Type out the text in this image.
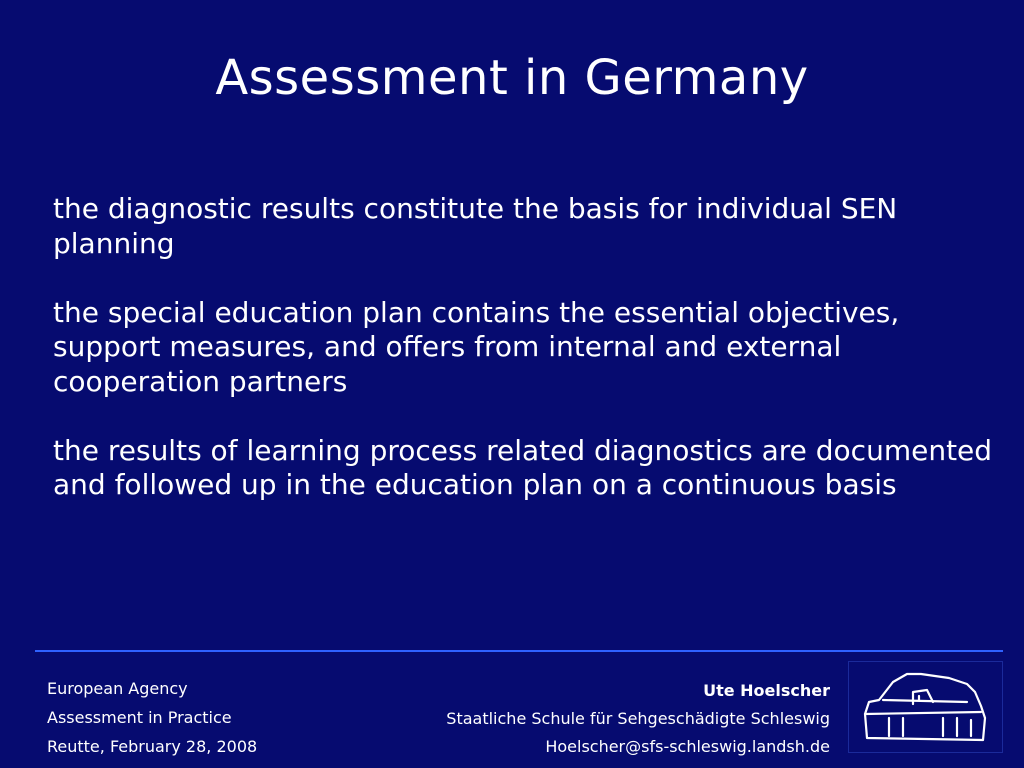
Assessment in Germany

the diagnostic results constitute the basis for individual SEN planning

the special education plan contains the essential objectives, support measures, and offers from internal and external cooperation partners

the results of learning process related diagnostics are documented and followed up in the education plan on a continuous basis

European Agency
Assessment in Practice
Reutte, February 28, 2008
Ute Hoelscher
Staatliche Schule für Sehgeschädigte Schleswig
Hoelscher@sfs-schleswig.landsh.de
